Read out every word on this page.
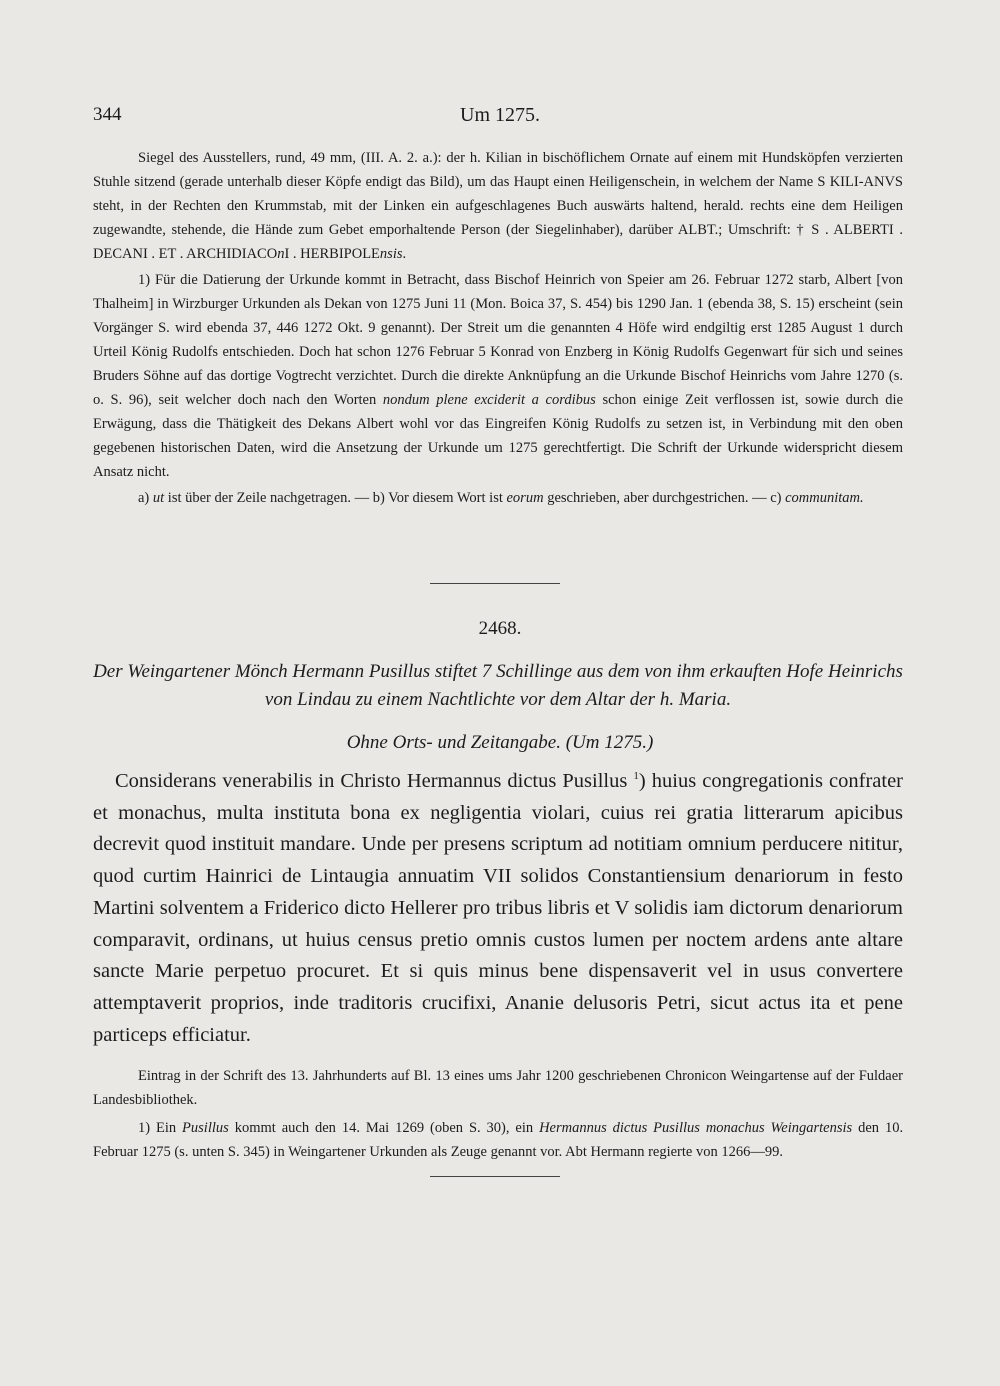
344	Um 1275.

Siegel des Ausstellers, rund, 49 mm, (III. A. 2. a.): der h. Kilian in bischöflichem Ornate auf einem mit Hundsköpfen verzierten Stuhle sitzend (gerade unterhalb dieser Köpfe endigt das Bild), um das Haupt einen Heiligenschein, in welchem der Name S KILI-ANVS steht, in der Rechten den Krummstab, mit der Linken ein aufgeschlagenes Buch auswärts haltend, herald. rechts eine dem Heiligen zugewandte, stehende, die Hände zum Gebet emporhaltende Person (der Siegelinhaber), darüber ALBT.; Umschrift: † S . ALBERTI . DECANI . ET . ARCHIDIACOnI . HERBIPOLEnsis.

1) Für die Datierung der Urkunde kommt in Betracht, dass Bischof Heinrich von Speier am 26. Februar 1272 starb, Albert [von Thalheim] in Wirzburger Urkunden als Dekan von 1275 Juni 11 (Mon. Boica 37, S. 454) bis 1290 Jan. 1 (ebenda 38, S. 15) erscheint (sein Vorgänger S. wird ebenda 37, 446 1272 Okt. 9 genannt). Der Streit um die genannten 4 Höfe wird endgiltig erst 1285 August 1 durch Urteil König Rudolfs entschieden. Doch hat schon 1276 Februar 5 Konrad von Enzberg in König Rudolfs Gegenwart für sich und seines Bruders Söhne auf das dortige Vogtrecht verzichtet. Durch die direkte Anknüpfung an die Urkunde Bischof Heinrichs vom Jahre 1270 (s. o. S. 96), seit welcher doch nach den Worten nondum plene exciderit a cordibus schon einige Zeit verflossen ist, sowie durch die Erwägung, dass die Thätigkeit des Dekans Albert wohl vor das Eingreifen König Rudolfs zu setzen ist, in Verbindung mit den oben gegebenen historischen Daten, wird die Ansetzung der Urkunde um 1275 gerechtfertigt. Die Schrift der Urkunde widerspricht diesem Ansatz nicht.

a) ut ist über der Zeile nachgetragen. — b) Vor diesem Wort ist eorum geschrieben, aber durchgestrichen. — c) communitam.

2468.
Der Weingartener Mönch Hermann Pusillus stiftet 7 Schillinge aus dem von ihm erkauften Hofe Heinrichs von Lindau zu einem Nachtlichte vor dem Altar der h. Maria.
Ohne Orts- und Zeitangabe. (Um 1275.)

Considerans venerabilis in Christo Hermannus dictus Pusillus $^1$) huius congregationis confrater et monachus, multa instituta bona ex negligentia violari, cuius rei gratia litterarum apicibus decrevit quod instituit mandare. Unde per presens scriptum ad notitiam omnium perducere nititur, quod curtim Hainrici de Lintaugia annuatim VII solidos Constantiensium denariorum in festo Martini solventem a Friderico dicto Hellerer pro tribus libris et V solidis iam dictorum denariorum comparavit, ordinans, ut huius census pretio omnis custos lumen per noctem ardens ante altare sancte Marie perpetuo procuret. Et si quis minus bene dispensaverit vel in usus convertere attemptaverit proprios, inde traditoris crucifixi, Ananie delusoris Petri, sicut actus ita et pene particeps efficiatur.

Eintrag in der Schrift des 13. Jahrhunderts auf Bl. 13 eines ums Jahr 1200 geschriebenen Chronicon Weingartense auf der Fuldaer Landesbibliothek.

1) Ein Pusillus kommt auch den 14. Mai 1269 (oben S. 30), ein Hermannus dictus Pusillus monachus Weingartensis den 10. Februar 1275 (s. unten S. 345) in Weingartener Urkunden als Zeuge genannt vor. Abt Hermann regierte von 1266—99.
